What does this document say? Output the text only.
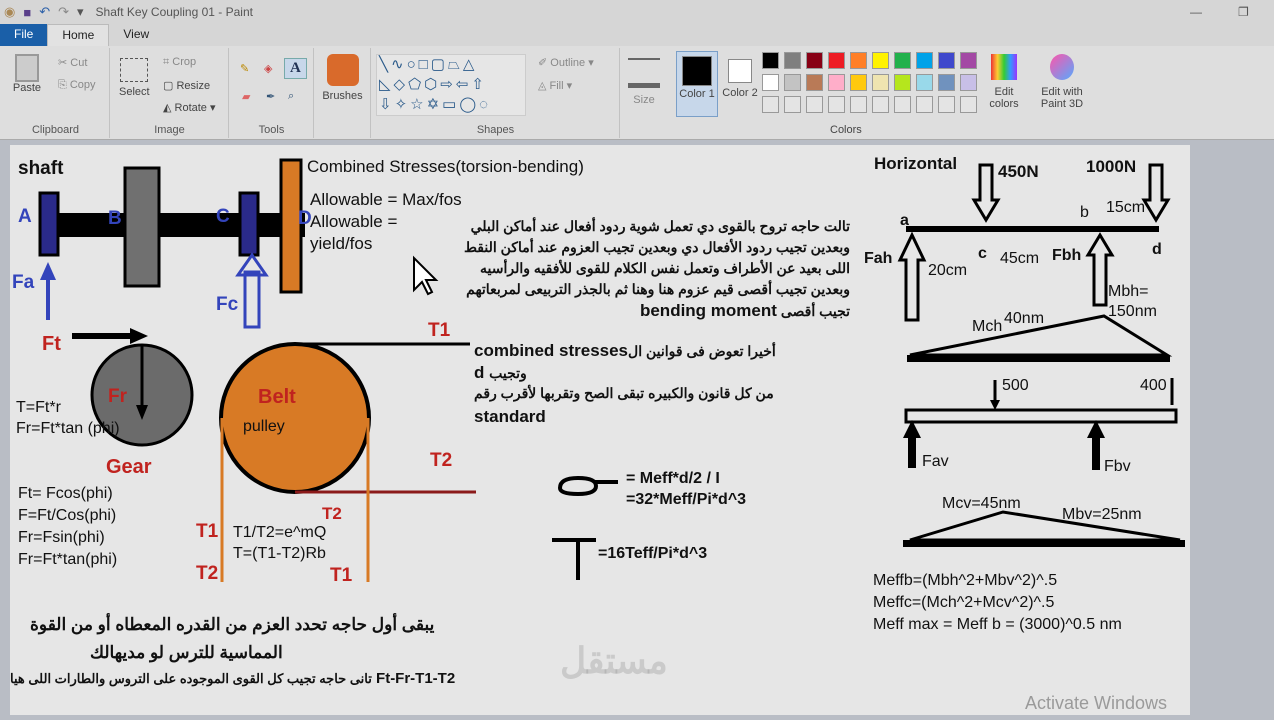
◉ ■ ↶ ↷ ▾ Shaft Key Coupling 01 - Paint	—	❐
File	Home	View
Paste
✂ Cut
⎘ Copy
Clipboard
Select
⌗ Crop
▢ Resize
◭ Rotate ▾
Image
✎ ◈	A
▰ ✒ ⌕
Tools
Brushes
╲∿○□▢⏢△
◺◇⬠⬡⇨⇦⇧
⇩✧☆✡▭◯◌
✐ Outline ▾
◬ Fill ▾
Shapes
Size	Color 1 Color 2
Colors
Edit colors
Edit with Paint 3D
shaft
A	B	C	D
Fa
Fc
Ft
Fr
Gear
Belt
pulley
T1
T2
T1
T2
T2
T1
T=Ft*r
Fr=Ft*tan (phi)
Ft= Fcos(phi)
F=Ft/Cos(phi)
Fr=Fsin(phi)
Fr=Ft*tan(phi)
T1/T2=e^mQ
T=(T1-T2)Rb
Combined Stresses(torsion-bending)
Allowable = Max/fos
Allowable =
yield/fos
تالت حاجه تروح بالقوى دي تعمل شوية ردود أفعال عند أماكن البلي وبعدين تجيب ردود الأفعال دي وبعدين تجيب العزوم عند أماكن النقط اللى بعيد عن الأطراف وتعمل نفس الكلام للقوى للأفقيه والرأسيه وبعدين تجيب أقصى قيم عزوم هنا وهنا ثم بالجذر التربيعى لمربعاتهم تجيب أقصى bending moment
combined stressesأخيرا تعوض فى قوانين ال
d وتجيب
من كل قانون والكبيره تبقى الصح وتقربها لأقرب رقم
standard
= Meff*d/2 / I
=32*Meff/Pi*d^3
=16Teff/Pi*d^3
Horizontal 450N	1000N
a	b
c	d
15cm
20cm
45cm
Fah	Fbh
Mbh=
150nm
Mch 40nm
500	400
Fav	Fbv
Mcv=45nm
Mbv=25nm
Meffb=(Mbh^2+Mbv^2)^.5
Meffc=(Mch^2+Mcv^2)^.5
Meff max = Meff b = (3000)^0.5 nm
يبقى أول حاجه تحدد العزم من القدره المعطاه أو من القوة
المماسية للترس لو مديهالك
تانى حاجه تجيب كل القوى الموجوده على التروس والطارات اللى هيا Ft-Fr-T1-T2	مستقل
Activate Windows
